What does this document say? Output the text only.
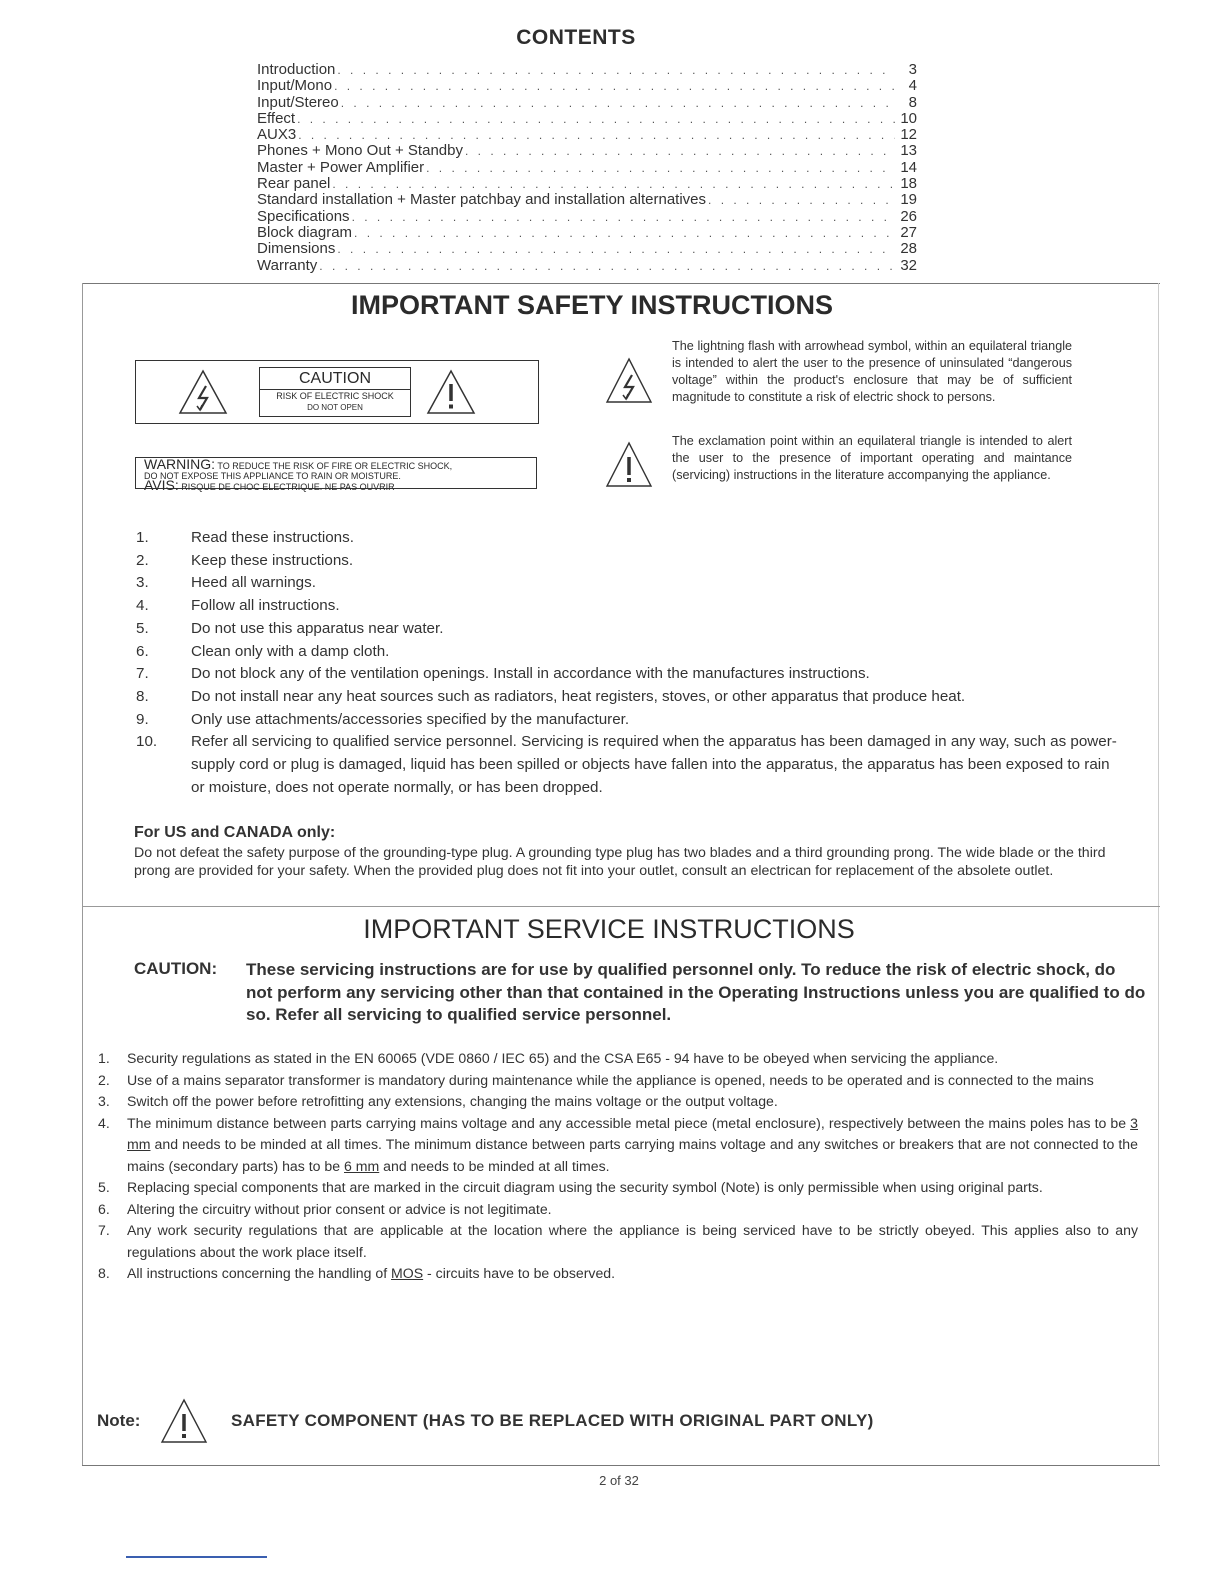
CONTENTS
Introduction . . .	3
Input/Mono . . .	4
Input/Stereo . . .	8
Effect . . .	10
AUX3 . . .	12
Phones + Mono Out + Standby . . .	13
Master + Power Amplifier . . .	14
Rear panel . . .	18
Standard installation + Master patchbay and installation alternatives . . .	19
Specifications . . .	26
Block diagram . . .	27
Dimensions . . .	28
Warranty . . .	32
IMPORTANT SAFETY INSTRUCTIONS
CAUTION
RISK OF ELECTRIC SHOCK
DO NOT OPEN
WARNING: TO REDUCE THE RISK OF FIRE OR ELECTRIC SHOCK,
DO NOT EXPOSE THIS APPLIANCE TO RAIN OR MOISTURE.
AVIS: RISQUE DE CHOC ELECTRIQUE. NE PAS OUVRIR
The lightning flash with arrowhead symbol, within an equilateral triangle is intended to alert the user to the presence of uninsulated “dangerous voltage” within the product's enclosure that may be of sufficient magnitude to constitute a risk of electric shock to persons.
The exclamation point within an equilateral triangle is intended to alert the user to the presence of important operating and maintance (servicing) instructions in the literature accompanying the appliance.
1.	Read these instructions.
2.	Keep these instructions.
3.	Heed all warnings.
4.	Follow all instructions.
5.	Do not use this apparatus near water.
6.	Clean only with a damp cloth.
7.	Do not block any of the ventilation openings. Install in accordance with the manufactures instructions.
8.	Do not install near any heat sources such as radiators, heat registers, stoves, or other apparatus that produce heat.
9.	Only use attachments/accessories specified by the manufacturer.
10. Refer all servicing to qualified service personnel. Servicing is required when the apparatus has been damaged in any way, such as power-supply cord or plug is damaged, liquid has been spilled or objects have fallen into the apparatus, the apparatus has been exposed to rain or moisture, does not operate normally, or has been dropped.
For US and CANADA only:
Do not defeat the safety purpose of the grounding-type plug. A grounding type plug has two blades and a third grounding prong. The wide blade or the third prong are provided for your safety. When the provided plug does not fit into your outlet, consult an electrican for replacement of the absolete outlet.
IMPORTANT SERVICE INSTRUCTIONS
CAUTION: These servicing instructions are for use by qualified personnel only. To reduce the risk of electric shock, do not perform any servicing other than that contained in the Operating Instructions unless you are qualified to do so. Refer all servicing to qualified service personnel.
1. Security regulations as stated in the EN 60065 (VDE 0860 / IEC 65) and the CSA E65 - 94 have to be obeyed when servicing the appliance.
2. Use of a mains separator transformer is mandatory during maintenance while the appliance is opened, needs to be operated and is connected to the mains
3. Switch off the power before retrofitting any extensions, changing the mains voltage or the output voltage.
4. The minimum distance between parts carrying mains voltage and any accessible metal piece (metal enclosure), respectively between the mains poles has to be 3 mm and needs to be minded at all times. The minimum distance between parts carrying mains voltage and any switches or breakers that are not connected to the mains (secondary parts) has to be 6 mm and needs to be minded at all times.
5. Replacing special components that are marked in the circuit diagram using the security symbol (Note) is only permissible when using original parts.
6. Altering the circuitry without prior consent or advice is not legitimate.
7. Any work security regulations that are applicable at the location where the appliance is being serviced have to be strictly obeyed. This applies also to any regulations about the work place itself.
8. All instructions concerning the handling of MOS - circuits have to be observed.
Note:	SAFETY COMPONENT (HAS TO BE REPLACED WITH ORIGINAL PART ONLY)
2 of 32
